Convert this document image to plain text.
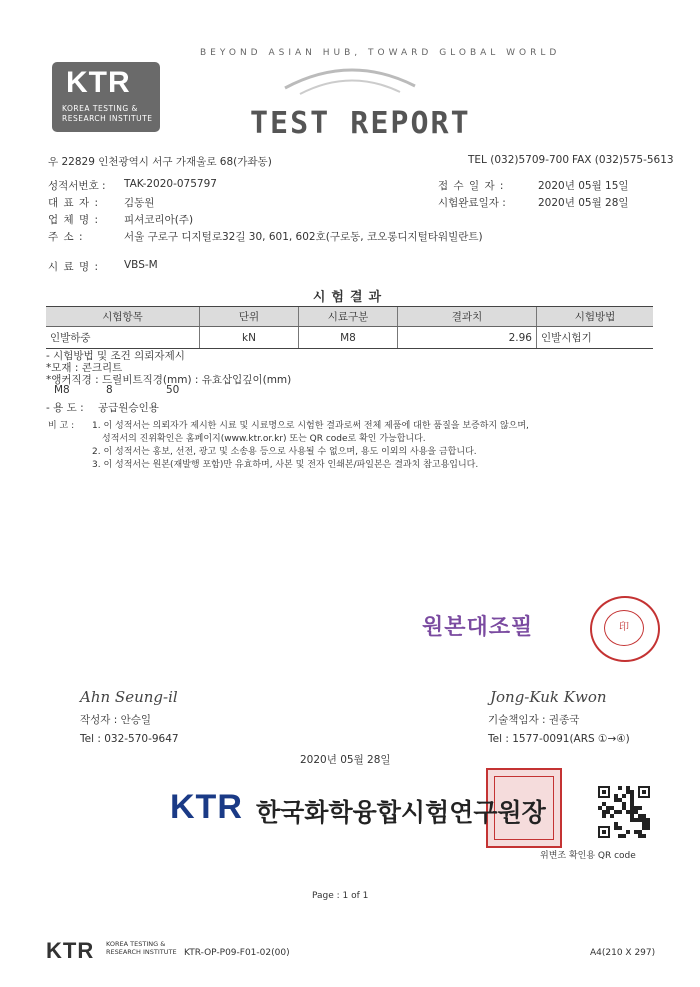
BEYOND ASIAN HUB, TOWARD GLOBAL WORLD
KTR
KOREA TESTING &
RESEARCH INSTITUTE	TEST REPORT
우 22829 인천광역시 서구 가재울로 68(가좌동)	TEL (032)5709-700 FAX (032)575-5613
성적서번호 : TAK-2020-075797
대 표 자 : 김동원
업 체 명 : 피셔코리아(주)
주 소 :	서울 구로구 디지털로32길 30, 601, 602호(구로동, 코오롱디지털타워빌란트)
접 수 일 자 :	2020년 05월 15일
시험완료일자 :	2020년 05월 28일
시 료 명 : VBS-M
시험결과
시험항목	단위	시료구분	결과치	시험방법
인발하중	kN	M8	2.96	인발시험기
- 시험방법 및 조건 의뢰자제시
*모재 : 콘크리트
*앵커직경 : 드릴비트직경(mm) : 유효삽입깊이(mm)
M8	8	50
- 용 도 : 공급원승인용
비 고 : 1. 이 성적서는 의뢰자가 제시한 시료 및 시료명으로 시험한 결과로써 전체 제품에 대한 품질을 보증하지 않으며,
성적서의 진위확인은 홈페이지(www.ktr.or.kr) 또는 QR code로 확인 가능합니다.
2. 이 성적서는 홍보, 선전, 광고 및 소송용 등으로 사용될 수 없으며, 용도 이외의 사용을 금합니다.
3. 이 성적서는 원본(재발행 포함)만 유효하며, 사본 및 전자 인쇄본/파일본은 결과치 참고용입니다.
원본대조필	印
Ahn Seung-il
작성자 : 안승일
Tel : 032-570-9647
Jong-Kuk Kwon
기술책임자 : 권종국
Tel : 1577-0091(ARS ①→④)
2020년 05월 28일
KTR 한국화학융합시험연구원장
위변조 확인용 QR code
Page : 1 of 1
KTR KOREA TESTING &
RESEARCH INSTITUTE KTR-OP-P09-F01-02(00)	A4(210 X 297)
